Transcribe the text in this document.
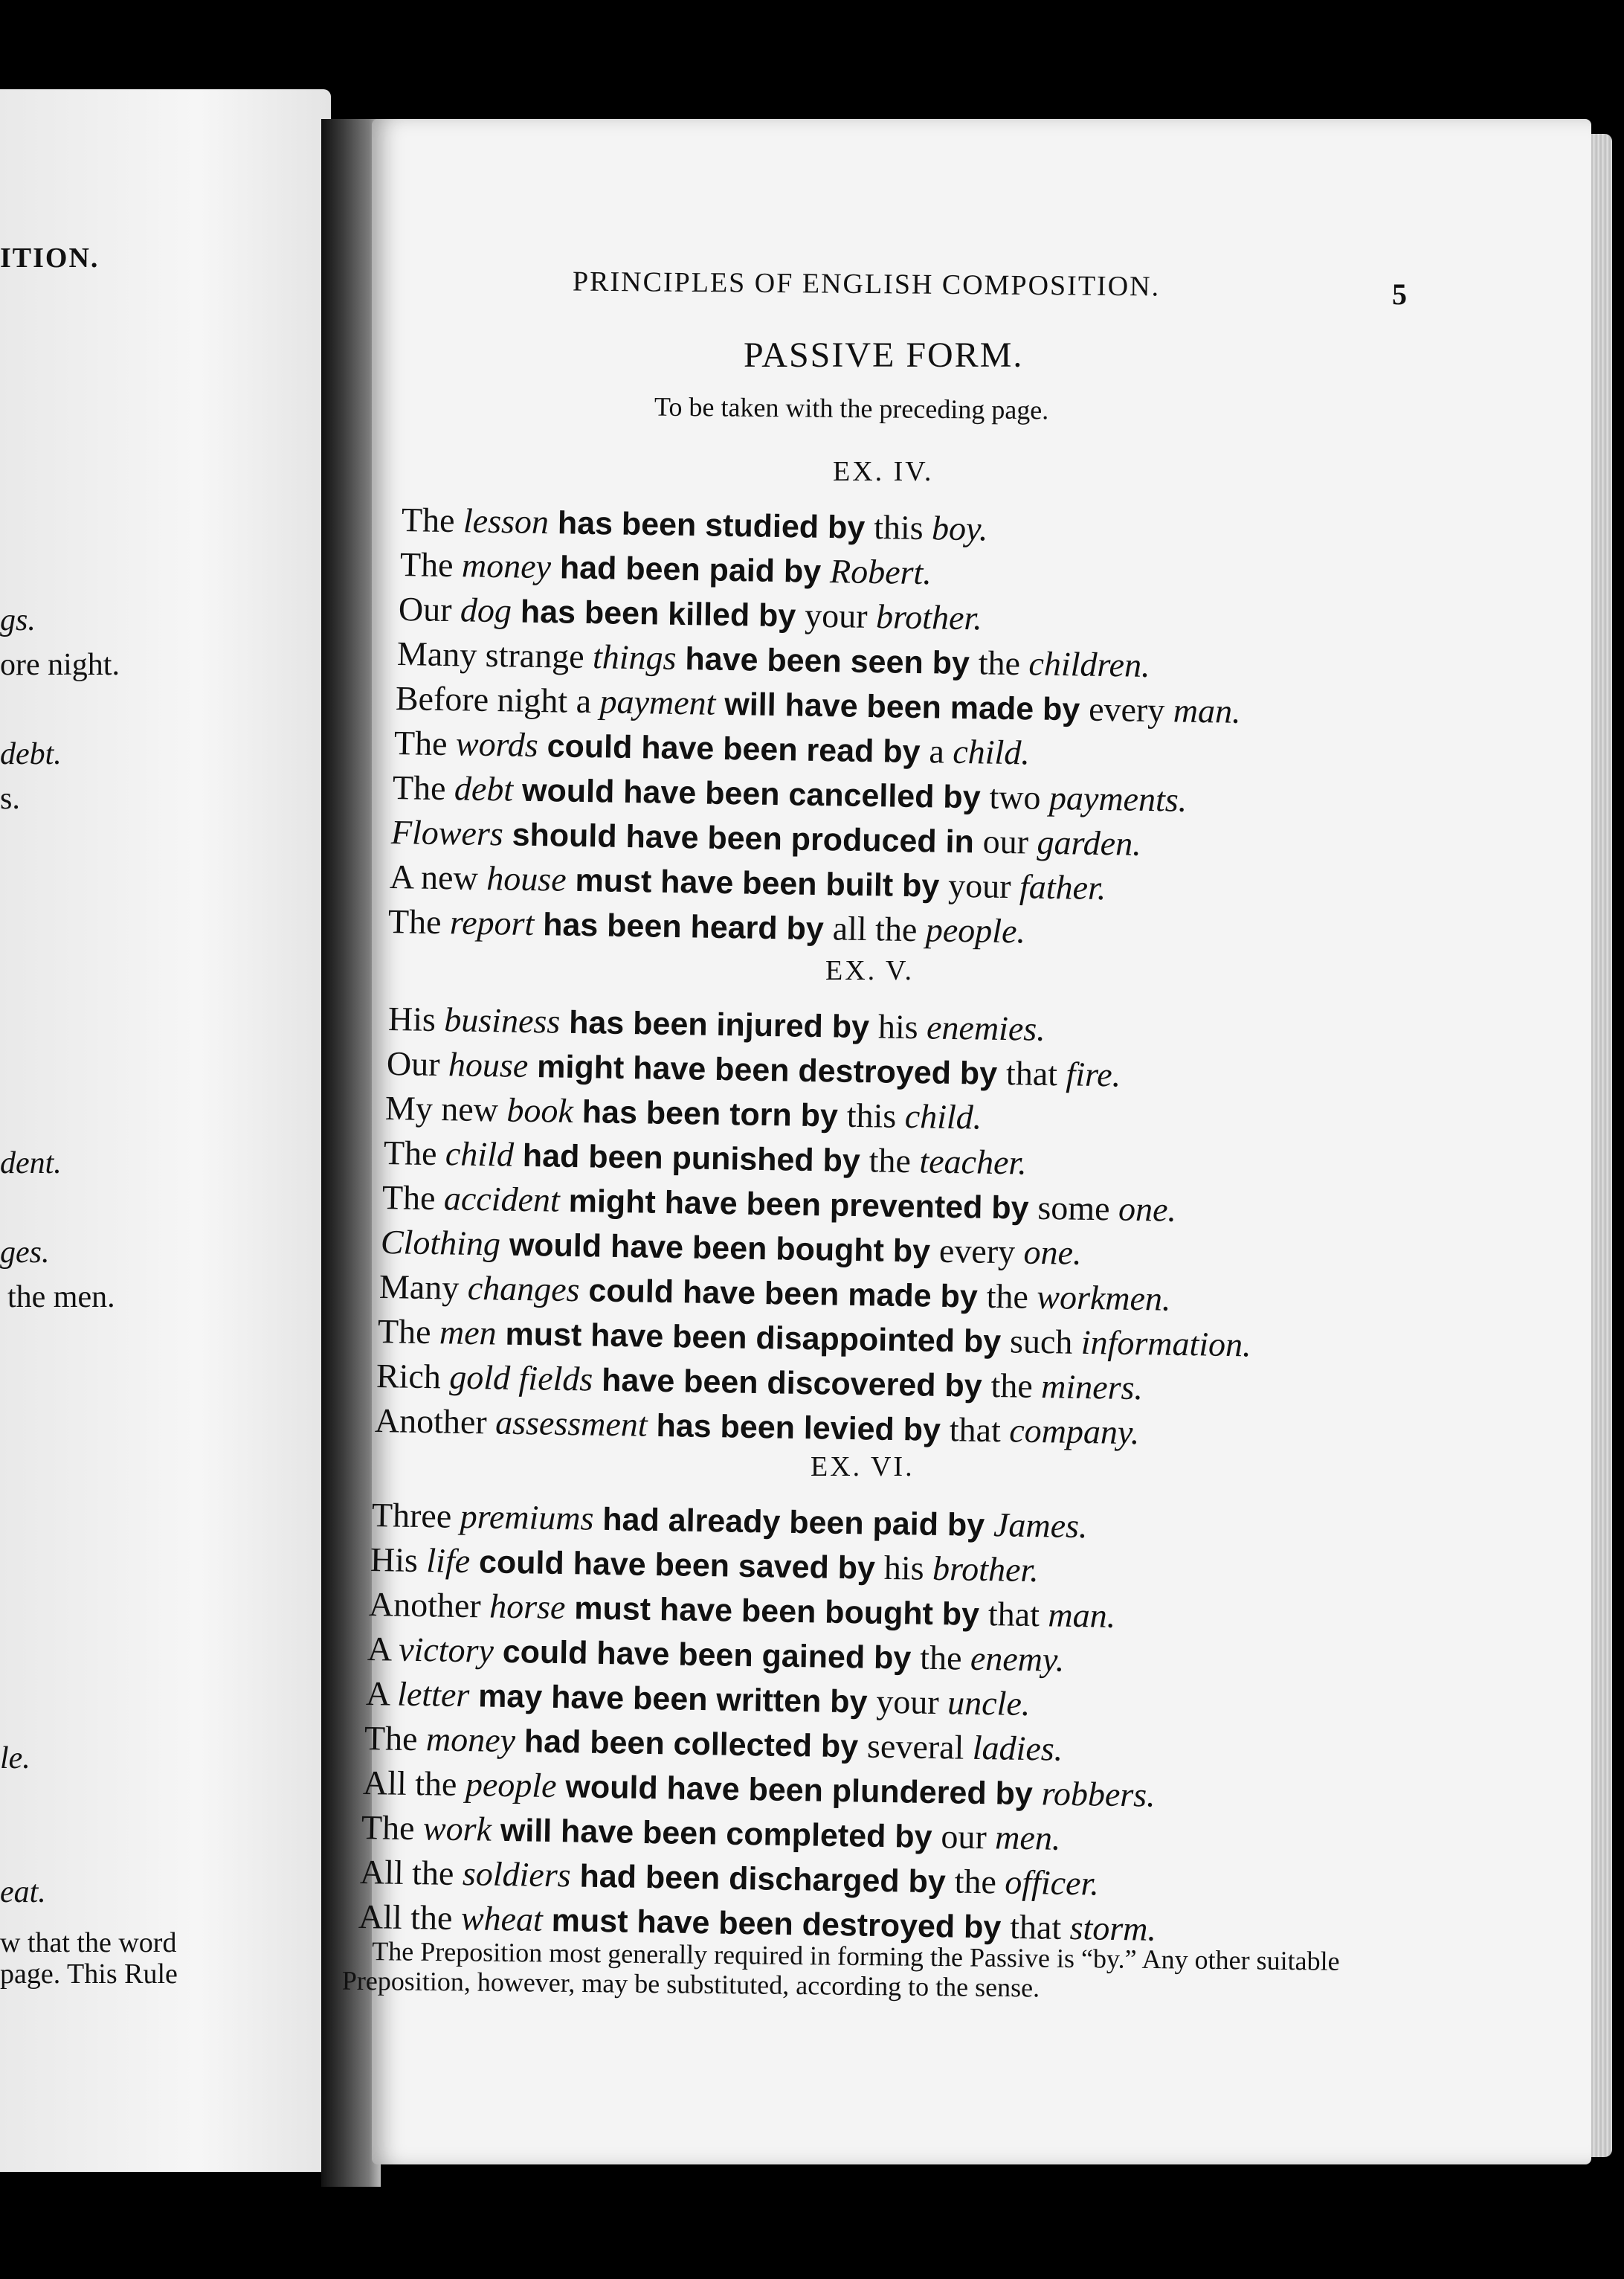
ITION.
gs.
ore night.
debt.
s.
dent.
ges.
the men.
le.
eat.
w that the word
page. This Rule
PRINCIPLES OF ENGLISH COMPOSITION.	5
PASSIVE FORM.
To be taken with the preceding page.
EX. IV.
The lesson has been studied by this boy.
The money had been paid by Robert.
Our dog has been killed by your brother.
Many strange things have been seen by the children.
Before night a payment will have been made by every man.
The words could have been read by a child.
The debt would have been cancelled by two payments.
Flowers should have been produced in our garden.
A new house must have been built by your father.
The report has been heard by all the people.
EX. V.
His business has been injured by his enemies.
Our house might have been destroyed by that fire.
My new book has been torn by this child.
The child had been punished by the teacher.
The accident might have been prevented by some one.
Clothing would have been bought by every one.
Many changes could have been made by the workmen.
The men must have been disappointed by such information.
Rich gold fields have been discovered by the miners.
Another assessment has been levied by that company.
EX. VI.
Three premiums had already been paid by James.
His life could have been saved by his brother.
Another horse must have been bought by that man.
A victory could have been gained by the enemy.
A letter may have been written by your uncle.
The money had been collected by several ladies.
All the people would have been plundered by robbers.
The work will have been completed by our men.
All the soldiers had been discharged by the officer.
All the wheat must have been destroyed by that storm.

The Preposition most generally required in forming the Passive is “by.” Any other suitable Preposition, however, may be substituted, according to the sense.
